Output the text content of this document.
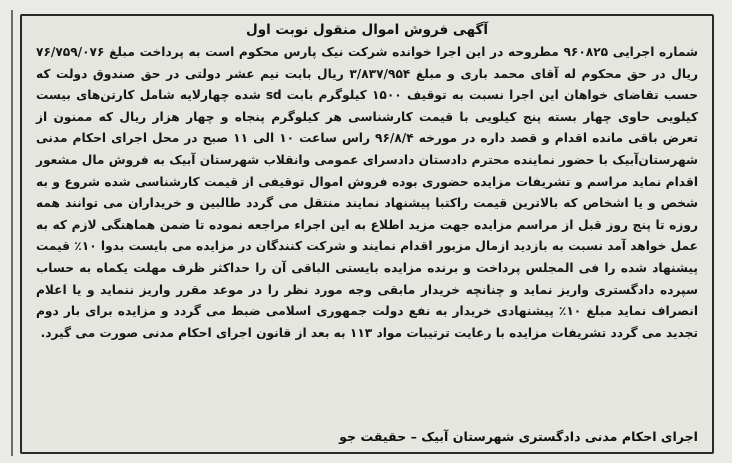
آگهی فروش اموال منقول نوبت اول
شماره اجرایی ۹۶۰۸۲۵ مطروحه در این اجرا خوانده شرکت نیک پارس محکوم است به پرداخت مبلغ ۷۶/۷۵۹/۰۷۶ ریال در حق محکوم له آقای محمد باری و مبلغ ۳/۸۳۷/۹۵۴ ریال بابت نیم عشر دولتی در حق صندوق دولت که حسب تقاضای خواهان این اجرا نسبت به توقیف ۱۵۰۰ کیلوگرم بابت sd شده چهارلایه شامل کارتن‌های بیست کیلویی حاوی چهار بسته پنج کیلویی با قیمت کارشناسی هر کیلوگرم پنجاه و چهار هزار ریال که ممنون از تعرض باقی مانده اقدام و قصد داره در مورخه ۹۶/۸/۴ راس ساعت ۱۰ الی ۱۱ صبح در محل اجرای احکام مدنی شهرستان‌آبیک با حضور نماینده محترم دادستان دادسرای عمومی وانقلاب شهرستان آبیک به فروش مال مشعور اقدام نماید مراسم و تشریفات مزایده حضوری بوده فروش اموال توقیفی از قیمت کارشناسی شده شروع و به شخص و یا اشخاص که بالاترین قیمت راکتبا پیشنهاد نمایند منتقل می گردد طالبین و خریداران می توانند همه روزه تا پنج روز قبل از مراسم مزایده جهت مزید اطلاع به این اجراء مراجعه نموده تا ضمن هماهنگی لازم که به عمل خواهد آمد نسبت به بازدید ازمال مزبور اقدام نمایند و شرکت کنندگان در مزایده می بایست بدوا ۱۰٪ قیمت پیشنهاد شده را فی المجلس پرداخت و برنده مزایده بایستی الباقی آن را حداکثر ظرف مهلت یکماه به حساب سپرده دادگستری واریز نماید و چنانچه خریدار مابقی وجه مورد نظر را در موعد مقرر واریز ننماید و یا اعلام انصراف نماید مبلغ ۱۰٪ پیشنهادی خریدار به نفع دولت جمهوری اسلامی ضبط می گردد و مزایده برای بار دوم تجدید می گردد تشریفات مزایده با رعایت ترتیبات مواد ۱۱۳ به بعد از قانون اجرای احکام مدنی صورت می گیرد.
اجرای احکام مدنی دادگستری شهرستان آبیک – حقیقت جو
